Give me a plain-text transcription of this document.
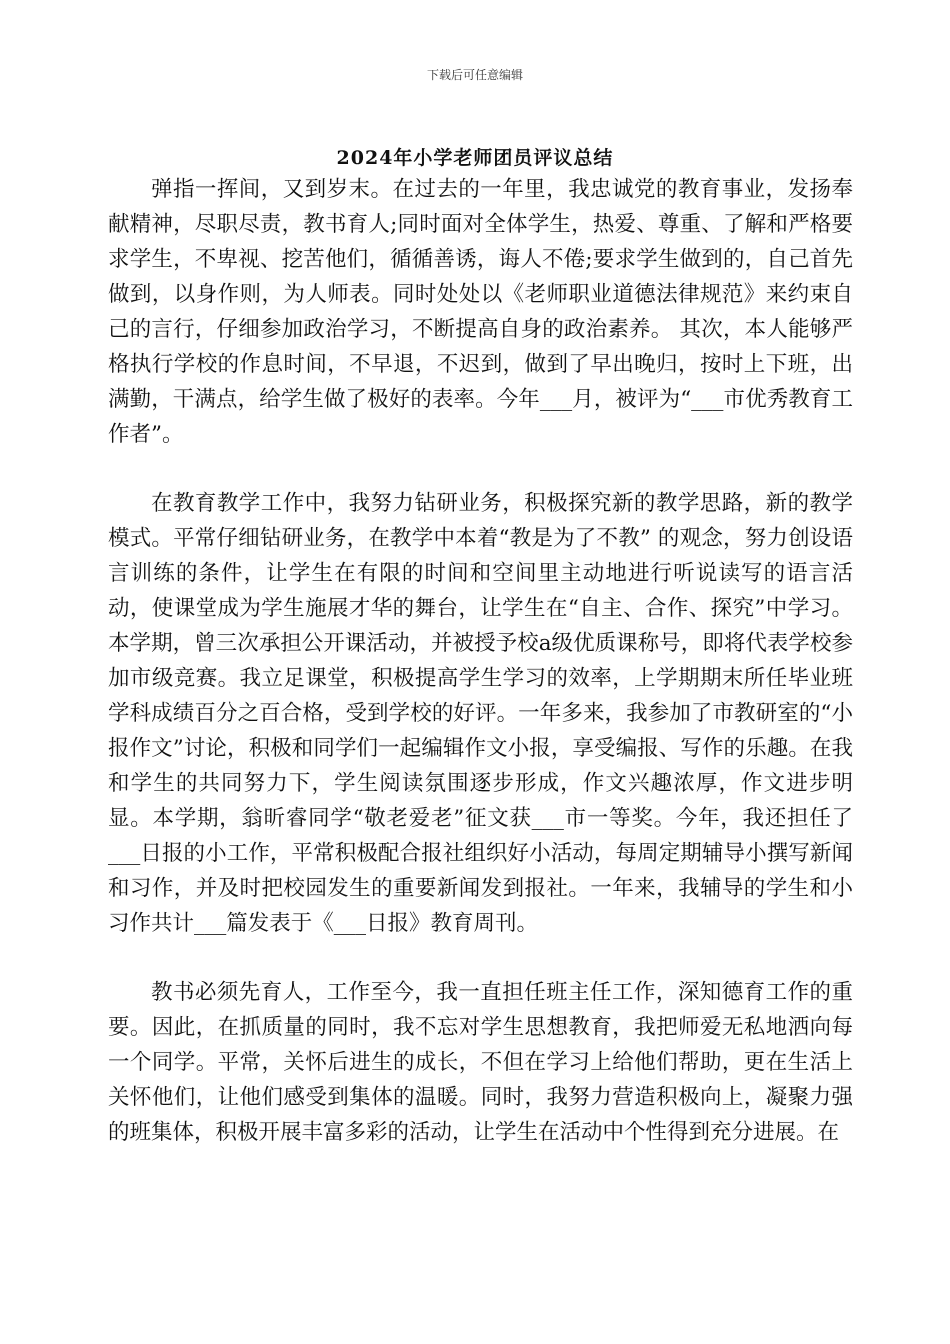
下载后可任意编辑
2024年小学老师团员评议总结

弹指一挥间，又到岁末。在过去的一年里，我忠诚党的教育事业，发扬奉献精神，尽职尽责，教书育人;同时面对全体学生，热爱、尊重、了解和严格要求学生，不卑视、挖苦他们，循循善诱，诲人不倦;要求学生做到的，自己首先做到，以身作则，为人师表。同时处处以《老师职业道德法律规范》来约束自己的言行，仔细参加政治学习，不断提高自身的政治素养。 其次，本人能够严格执行学校的作息时间，不早退，不迟到，做到了早出晚归，按时上下班，出满勤，干满点，给学生做了极好的表率。今年___月，被评为“___市优秀教育工作者”。

在教育教学工作中，我努力钻研业务，积极探究新的教学思路，新的教学模式。平常仔细钻研业务，在教学中本着“教是为了不教” 的观念，努力创设语言训练的条件，让学生在有限的时间和空间里主动地进行听说读写的语言活动，使课堂成为学生施展才华的舞台，让学生在“自主、合作、探究”中学习。本学期，曾三次承担公开课活动，并被授予校a级优质课称号，即将代表学校参加市级竞赛。我立足课堂，积极提高学生学习的效率，上学期期末所任毕业班学科成绩百分之百合格，受到学校的好评。一年多来，我参加了市教研室的“小报作文”讨论，积极和同学们一起编辑作文小报，享受编报、写作的乐趣。在我和学生的共同努力下，学生阅读氛围逐步形成，作文兴趣浓厚，作文进步明显。本学期，翁昕睿同学“敬老爱老”征文获___市一等奖。今年，我还担任了___日报的小工作，平常积极配合报社组织好小活动，每周定期辅导小撰写新闻和习作，并及时把校园发生的重要新闻发到报社。一年来，我辅导的学生和小习作共计___篇发表于《___日报》教育周刊。

教书必须先育人，工作至今，我一直担任班主任工作，深知德育工作的重要。因此，在抓质量的同时，我不忘对学生思想教育，我把师爱无私地洒向每一个同学。平常，关怀后进生的成长，不但在学习上给他们帮助，更在生活上关怀他们，让他们感受到集体的温暖。同时，我努力营造积极向上，凝聚力强的班集体，积极开展丰富多彩的活动，让学生在活动中个性得到充分进展。在
